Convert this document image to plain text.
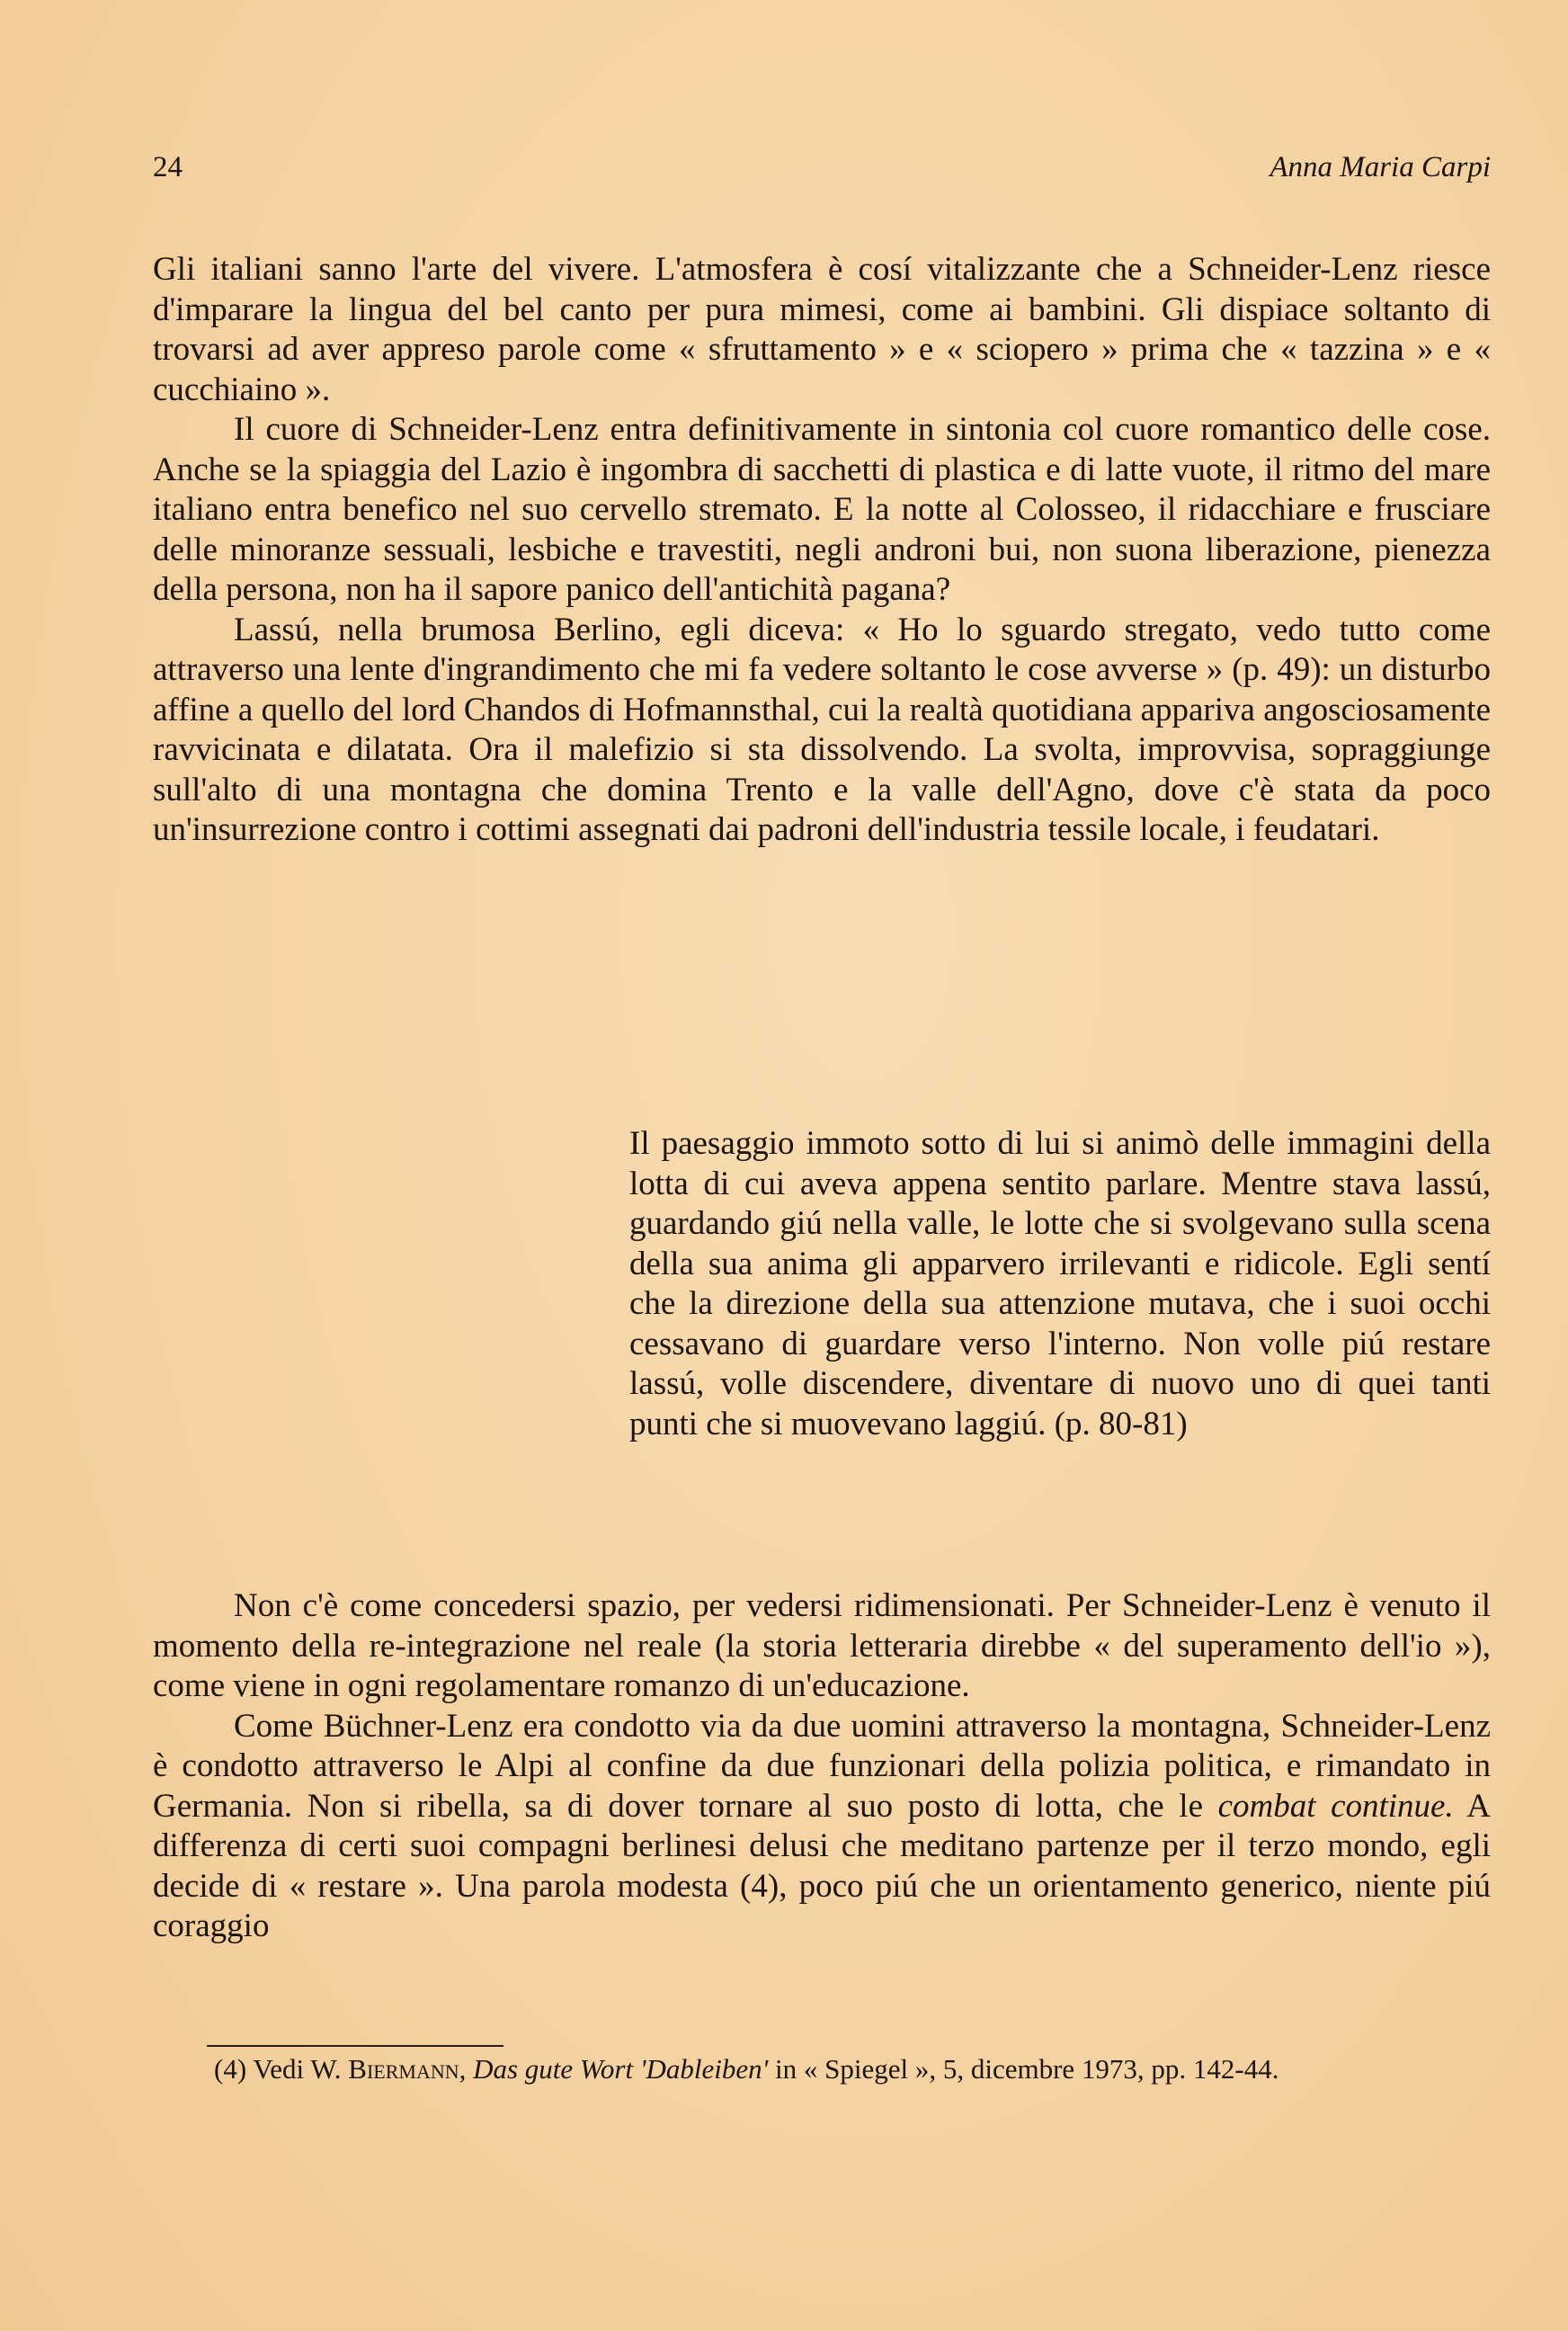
24	Anna Maria Carpi

Gli italiani sanno l'arte del vivere. L'atmosfera è cosí vitalizzante che a Schneider-Lenz riesce d'imparare la lingua del bel canto per pura mimesi, come ai bambini. Gli dispiace soltanto di trovarsi ad aver appreso parole come « sfruttamento » e « sciopero » prima che « tazzina » e « cucchiaino ».

Il cuore di Schneider-Lenz entra definitivamente in sintonia col cuore romantico delle cose. Anche se la spiaggia del Lazio è ingombra di sacchetti di plastica e di latte vuote, il ritmo del mare italiano entra benefico nel suo cervello stremato. E la notte al Colosseo, il ridacchiare e frusciare delle minoranze sessuali, lesbiche e travestiti, negli androni bui, non suona liberazione, pienezza della persona, non ha il sapore panico dell'antichità pagana?

Lassú, nella brumosa Berlino, egli diceva: « Ho lo sguardo stregato, vedo tutto come attraverso una lente d'ingrandimento che mi fa vedere soltanto le cose avverse » (p. 49): un disturbo affine a quello del lord Chandos di Hofmannsthal, cui la realtà quotidiana appariva angosciosamente ravvicinata e dilatata. Ora il malefizio si sta dissolvendo. La svolta, improvvisa, sopraggiunge sull'alto di una montagna che domina Trento e la valle dell'Agno, dove c'è stata da poco un'insurrezione contro i cottimi assegnati dai padroni dell'industria tessile locale, i feudatari.

Il paesaggio immoto sotto di lui si animò delle immagini della lotta di cui aveva appena sentito parlare. Mentre stava lassú, guardando giú nella valle, le lotte che si svolgevano sulla scena della sua anima gli apparvero irrilevanti e ridicole. Egli sentí che la direzione della sua attenzione mutava, che i suoi occhi cessavano di guardare verso l'interno. Non volle piú restare lassú, volle discendere, diventare di nuovo uno di quei tanti punti che si muovevano laggiú. (p. 80-81)

Non c'è come concedersi spazio, per vedersi ridimensionati. Per Schneider-Lenz è venuto il momento della re-integrazione nel reale (la storia letteraria direbbe « del superamento dell'io »), come viene in ogni regolamentare romanzo di un'educazione.

Come Büchner-Lenz era condotto via da due uomini attraverso la montagna, Schneider-Lenz è condotto attraverso le Alpi al confine da due funzionari della polizia politica, e rimandato in Germania. Non si ribella, sa di dover tornare al suo posto di lotta, che le combat continue. A differenza di certi suoi compagni berlinesi delusi che meditano partenze per il terzo mondo, egli decide di « restare ». Una parola modesta (4), poco piú che un orientamento generico, niente piú coraggio

(4) Vedi W. Biermann, Das gute Wort 'Dableiben' in « Spiegel », 5, dicembre 1973, pp. 142-44.
